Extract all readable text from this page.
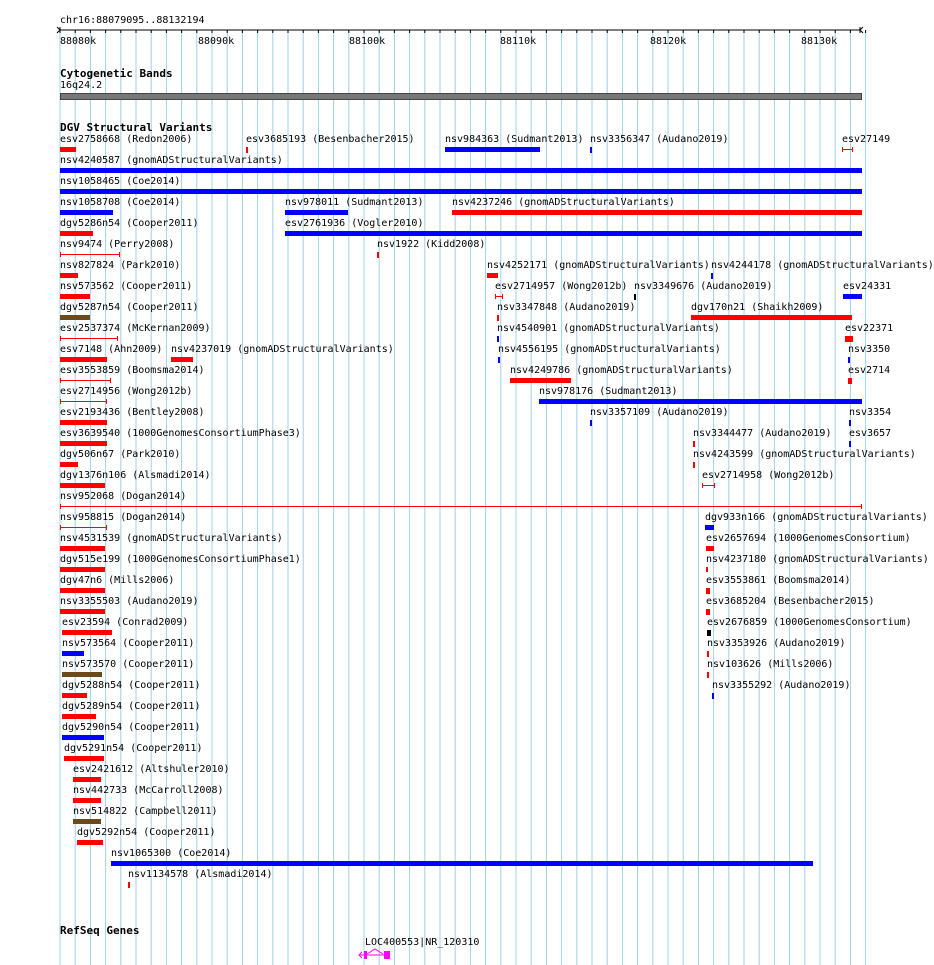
chr16:88079095..88132194
88080k	88090k	88100k	88110k	88120k	88130k
Cytogenetic Bands
16q24.2
DGV Structural Variants
esv2758668 (Redon2006)	esv3685193 (Besenbacher2015)	nsv984363 (Sudmant2013) nsv3356347 (Audano2019)	esv27149
nsv4240587 (gnomADStructuralVariants)
nsv1058465 (Coe2014)
nsv1058708 (Coe2014)	nsv978011 (Sudmant2013)	nsv4237246 (gnomADStructuralVariants)
dgv5286n54 (Cooper2011)	esv2761936 (Vogler2010)
nsv9474 (Perry2008)	nsv1922 (Kidd2008)
nsv827824 (Park2010)	nsv4252171 (gnomADStructuralVariants) nsv4244178 (gnomADStructuralVariants)
nsv573562 (Cooper2011)	esv2714957 (Wong2012b) nsv3349676 (Audano2019)	esv24331
dgv5287n54 (Cooper2011)	nsv3347848 (Audano2019)	dgv170n21 (Shaikh2009)
esv2537374 (McKernan2009)	nsv4540901 (gnomADStructuralVariants)	esv22371
esv7148 (Ahn2009) nsv4237019 (gnomADStructuralVariants)	nsv4556195 (gnomADStructuralVariants)	nsv3350
esv3553859 (Boomsma2014)	nsv4249786 (gnomADStructuralVariants)	esv2714
esv2714956 (Wong2012b)	nsv978176 (Sudmant2013)
esv2193436 (Bentley2008)	nsv3357109 (Audano2019)	nsv3354
esv3639540 (1000GenomesConsortiumPhase3)	nsv3344477 (Audano2019) esv3657
dgv506n67 (Park2010)	nsv4243599 (gnomADStructuralVariants)
dgv1376n106 (Alsmadi2014)	esv2714958 (Wong2012b)
nsv952068 (Dogan2014)
nsv958815 (Dogan2014)	dgv933n166 (gnomADStructuralVariants)
nsv4531539 (gnomADStructuralVariants)	esv2657694 (1000GenomesConsortium)
dgv515e199 (1000GenomesConsortiumPhase1)	nsv4237180 (gnomADStructuralVariants)
dgv47n6 (Mills2006)	esv3553861 (Boomsma2014)
nsv3355503 (Audano2019)	esv3685204 (Besenbacher2015)
esv23594 (Conrad2009)	esv2676859 (1000GenomesConsortium)
nsv573564 (Cooper2011)	nsv3353926 (Audano2019)
nsv573570 (Cooper2011)	nsv103626 (Mills2006)
dgv5288n54 (Cooper2011)	nsv3355292 (Audano2019)
dgv5289n54 (Cooper2011)
dgv5290n54 (Cooper2011)
dgv5291n54 (Cooper2011)
esv2421612 (Altshuler2010)
nsv442733 (McCarroll2008)
nsv514822 (Campbell2011)
dgv5292n54 (Cooper2011)
nsv1065300 (Coe2014)
nsv1134578 (Alsmadi2014)
RefSeq Genes
LOC400553|NR_120310
